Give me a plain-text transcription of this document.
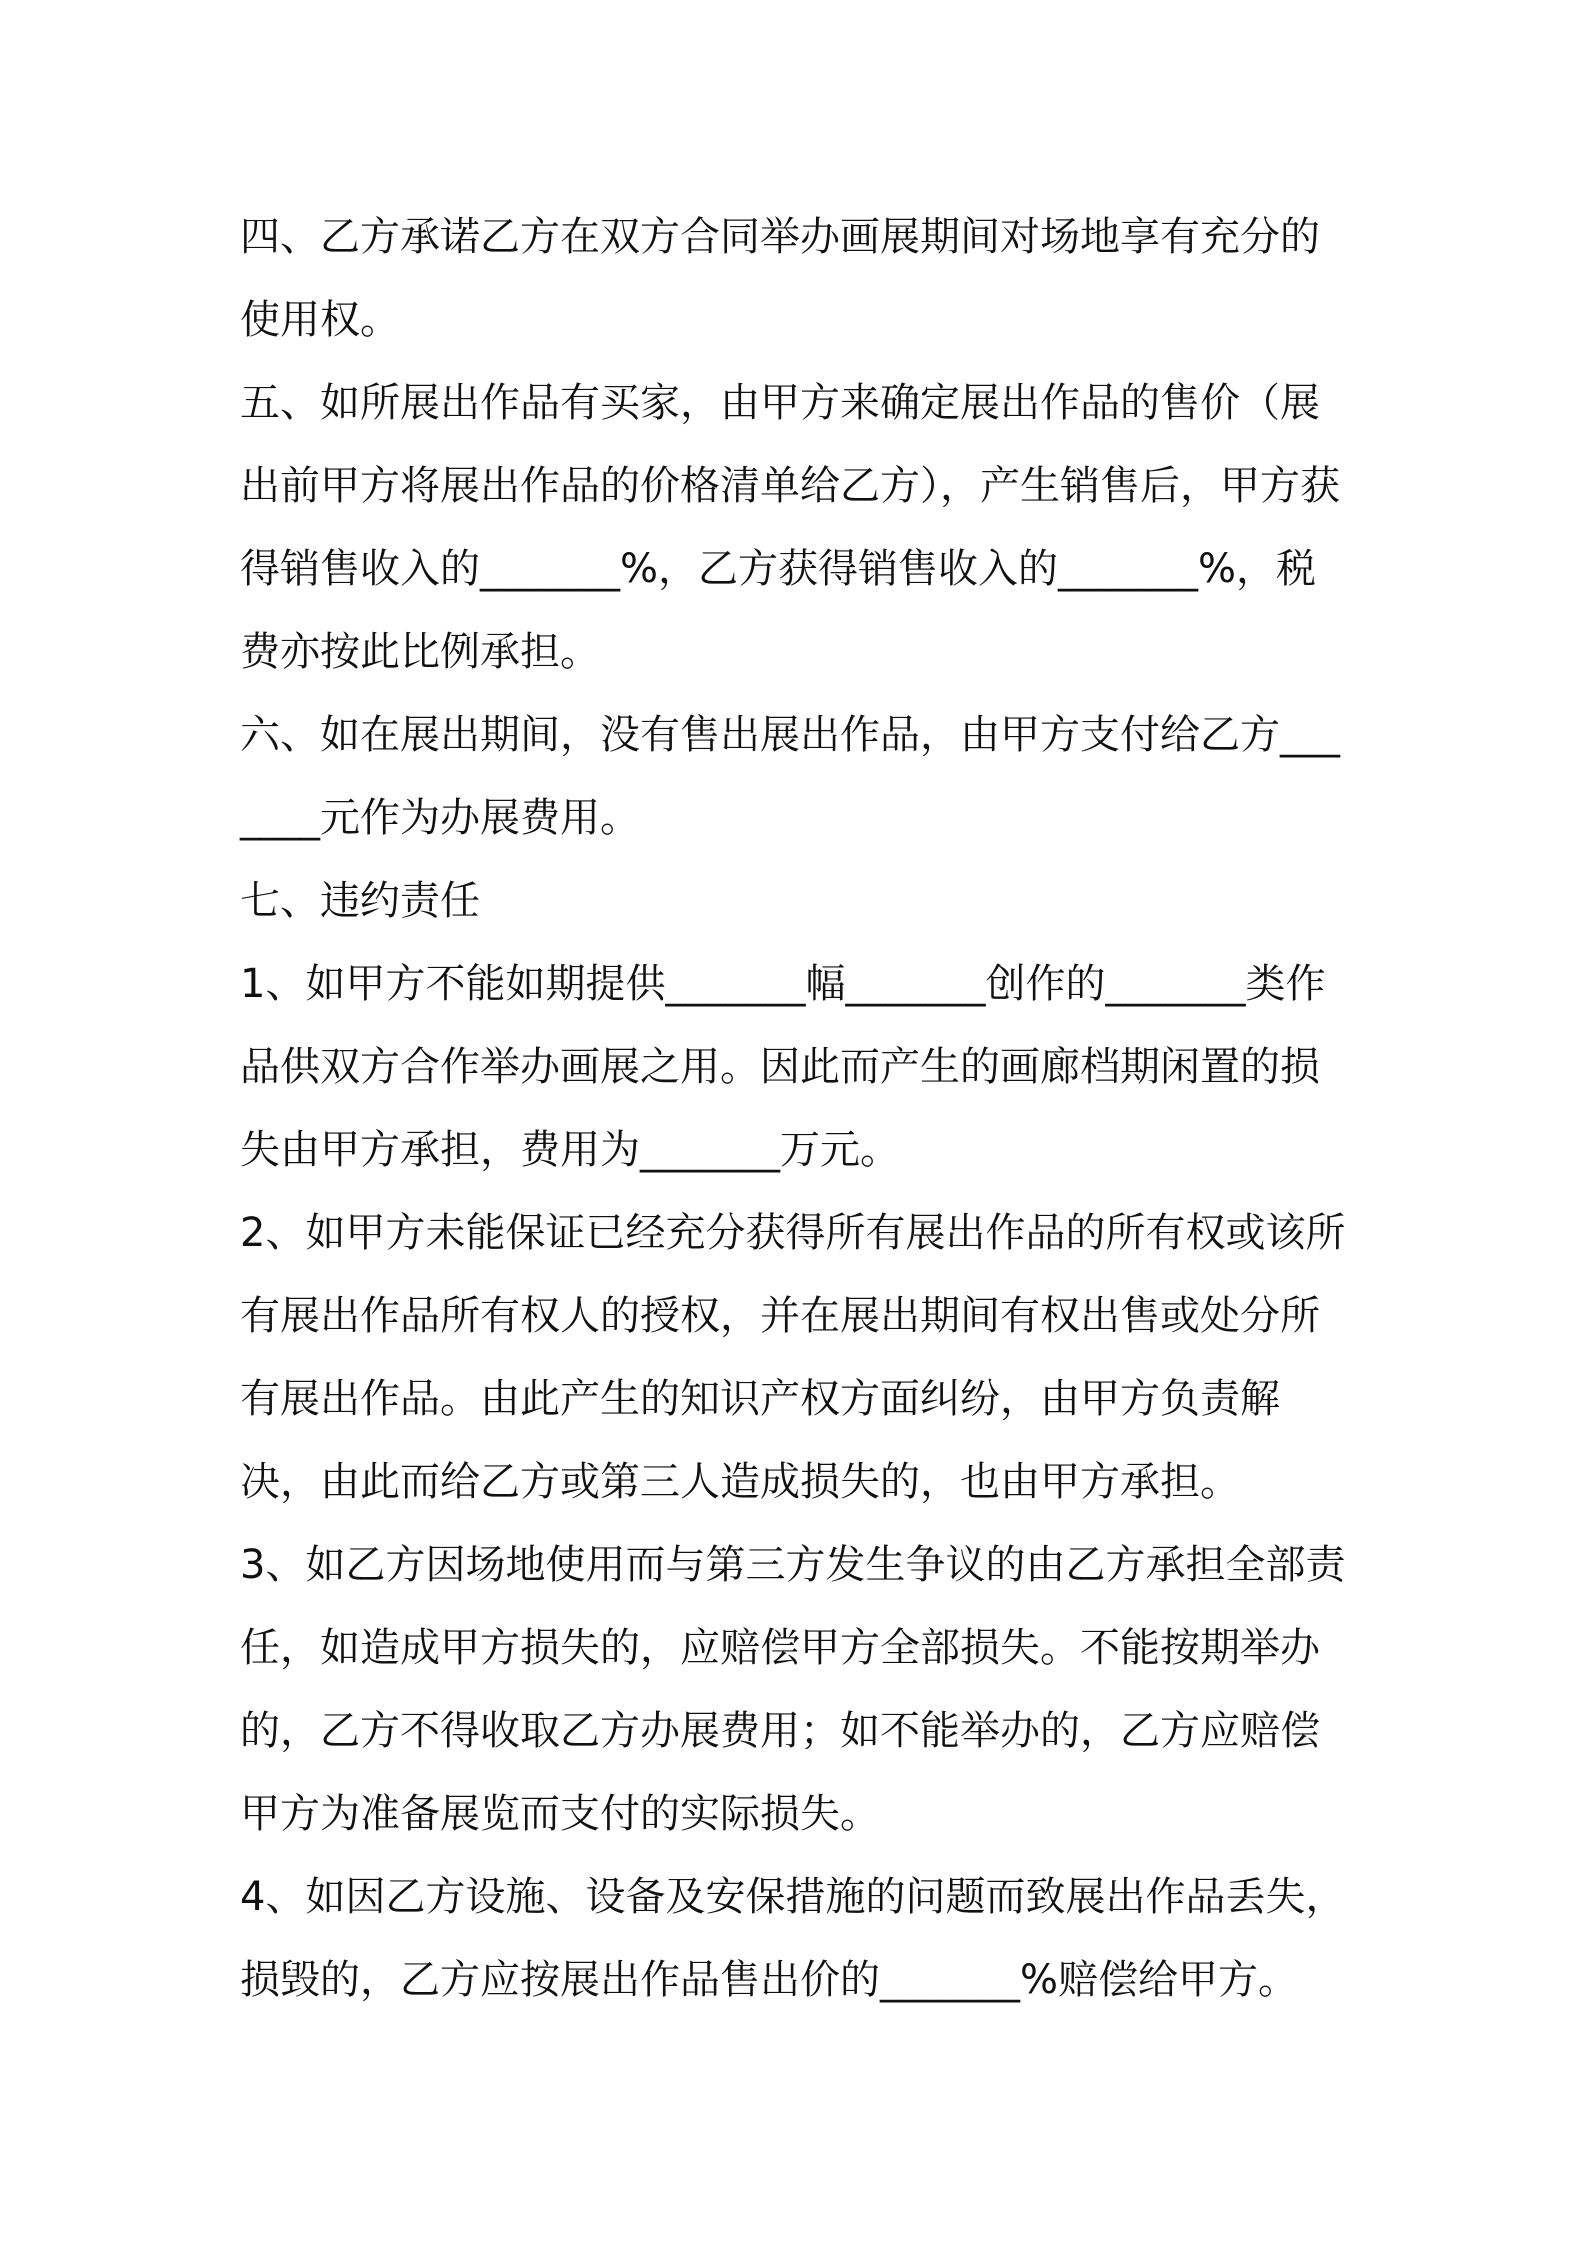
四、乙方承诺乙方在双方合同举办画展期间对场地享有充分的使用权。

五、如所展出作品有买家，由甲方来确定展出作品的售价（展出前甲方将展出作品的价格清单给乙方），产生销售后，甲方获得销售收入的_______%，乙方获得销售收入的_______%，税费亦按此比例承担。

六、如在展出期间，没有售出展出作品，由甲方支付给乙方_______元作为办展费用。

七、违约责任

1、如甲方不能如期提供_______幅_______创作的_______类作品供双方合作举办画展之用。因此而产生的画廊档期闲置的损失由甲方承担，费用为_______万元。

2、如甲方未能保证已经充分获得所有展出作品的所有权或该所有展出作品所有权人的授权，并在展出期间有权出售或处分所有展出作品。由此产生的知识产权方面纠纷，由甲方负责解决，由此而给乙方或第三人造成损失的，也由甲方承担。

3、如乙方因场地使用而与第三方发生争议的由乙方承担全部责任，如造成甲方损失的，应赔偿甲方全部损失。不能按期举办的，乙方不得收取乙方办展费用；如不能举办的，乙方应赔偿甲方为准备展览而支付的实际损失。

4、如因乙方设施、设备及安保措施的问题而致展出作品丢失，损毁的，乙方应按展出作品售出价的_______%赔偿给甲方。
